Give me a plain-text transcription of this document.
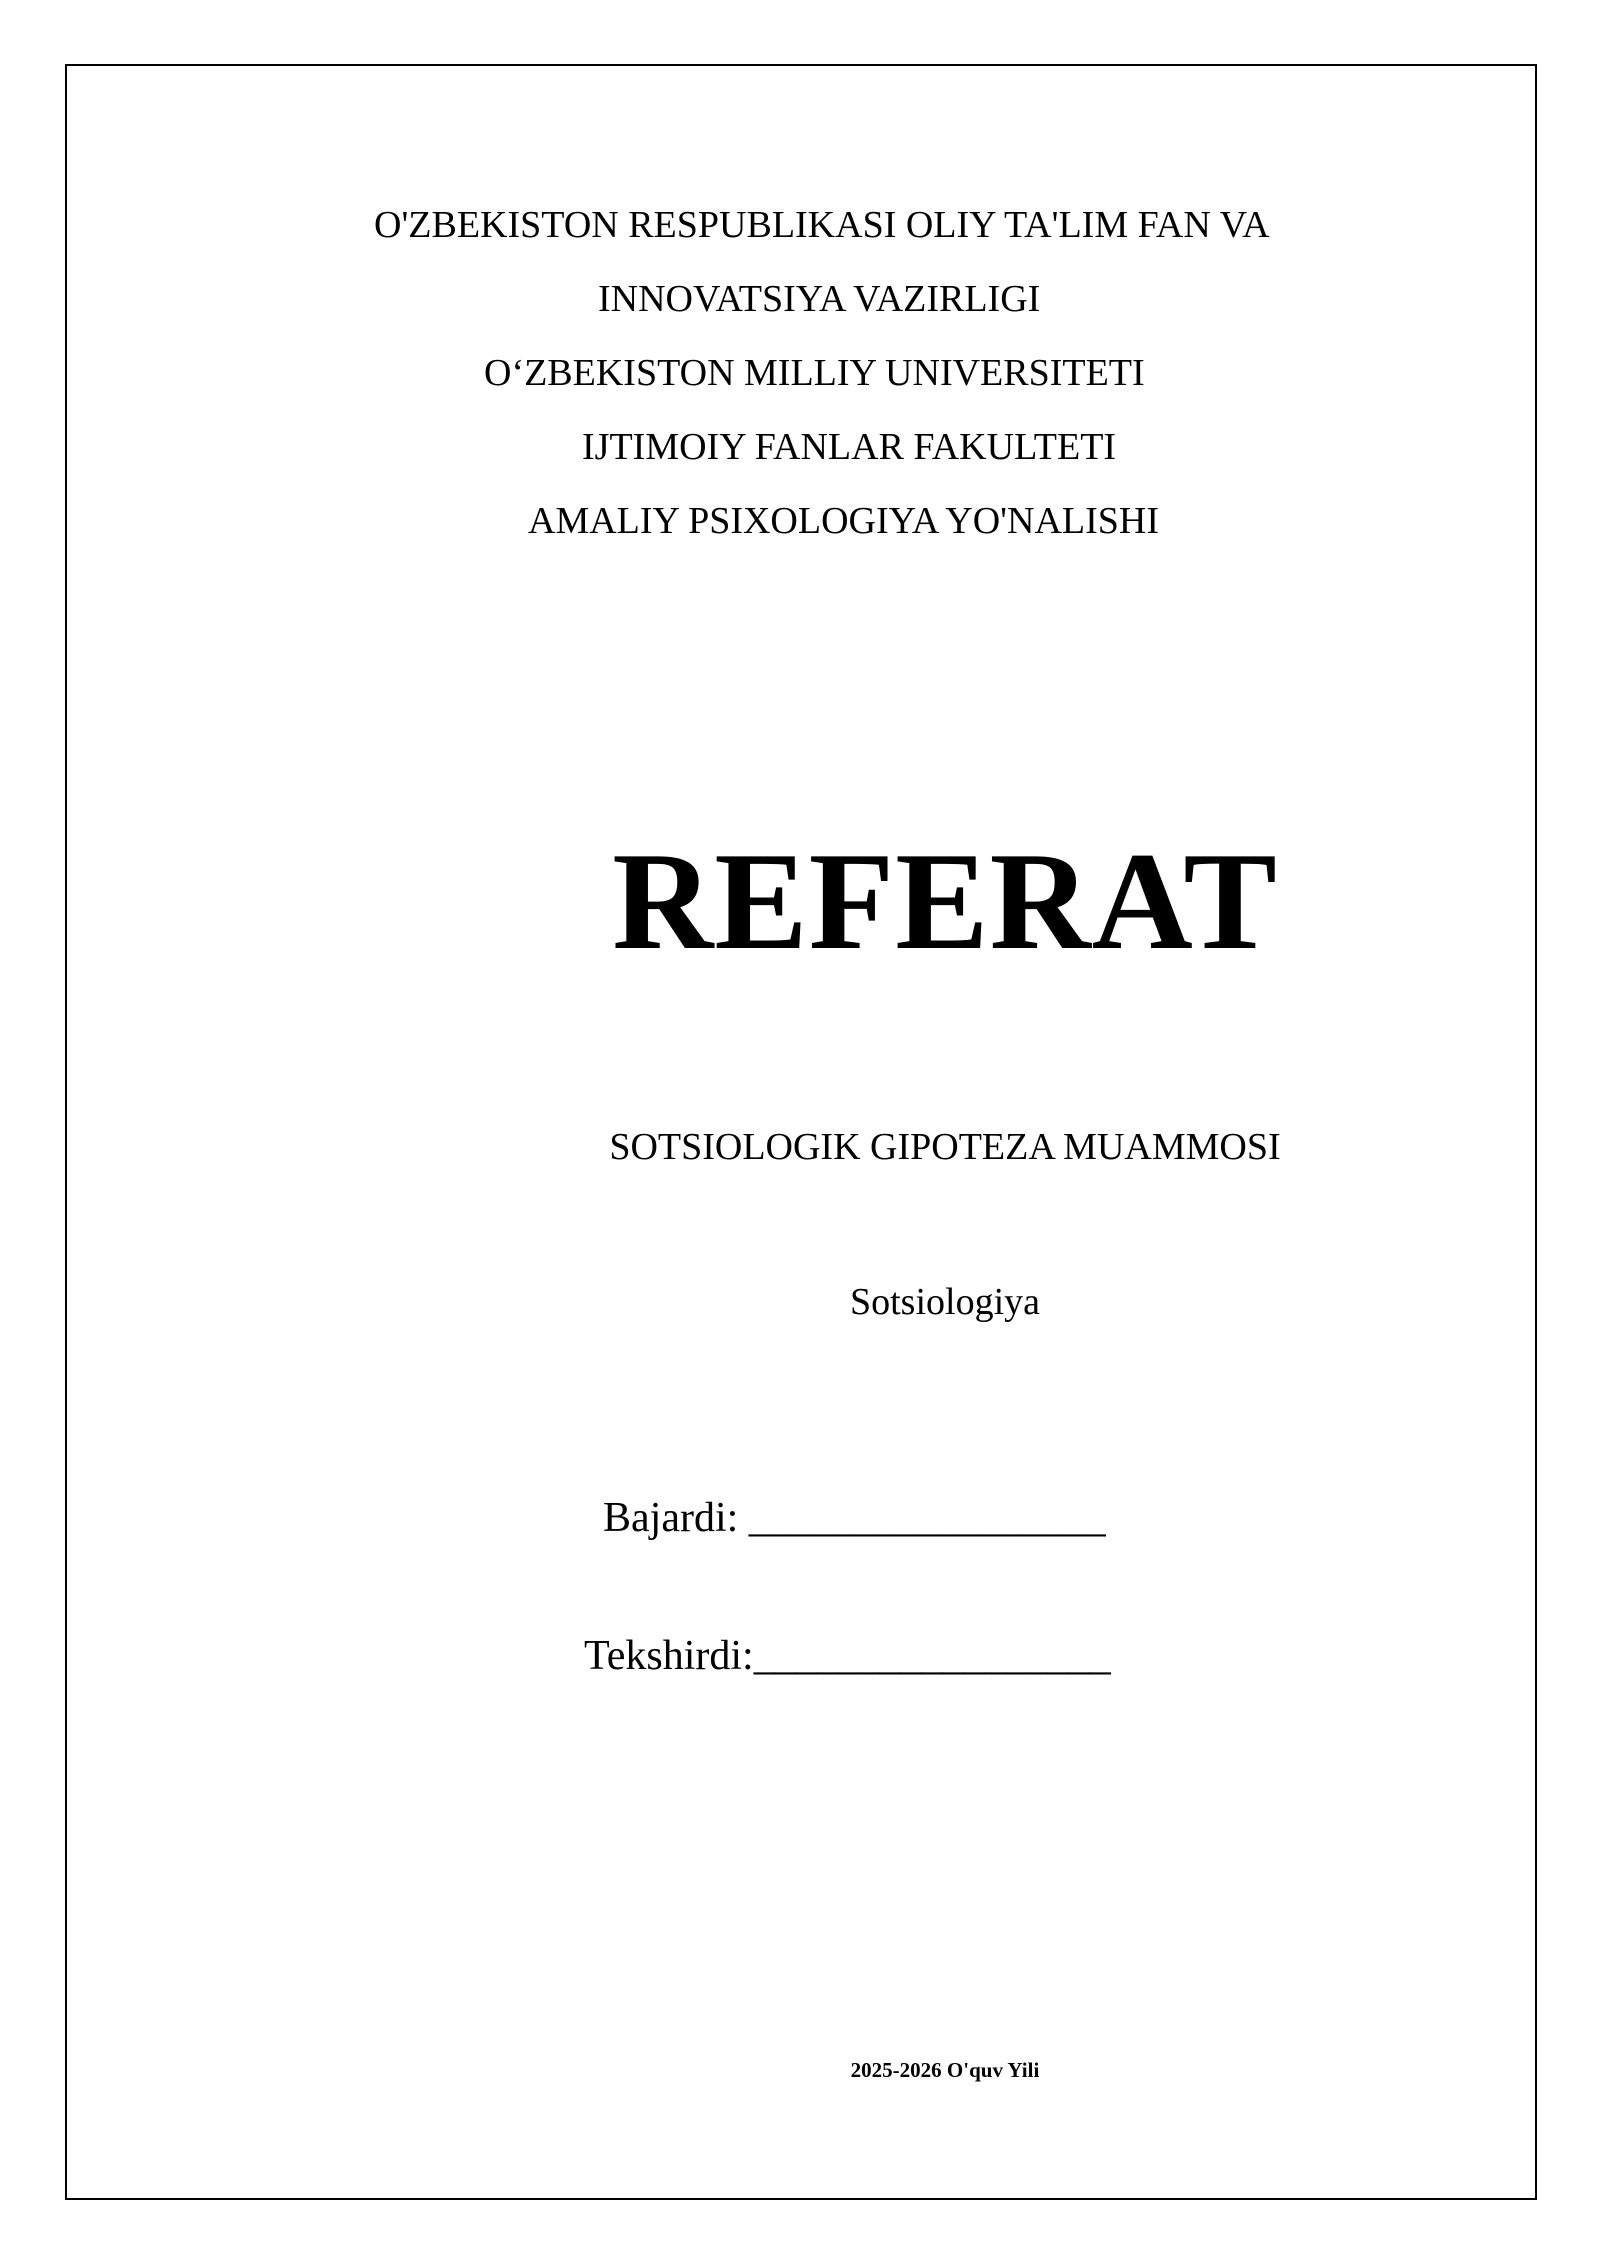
O'ZBEKISTON RESPUBLIKASI OLIY TA'LIM FAN VA
INNOVATSIYA VAZIRLIGI
O‘ZBEKISTON MILLIY UNIVERSITETI
IJTIMOIY FANLAR FAKULTETI
AMALIY PSIXOLOGIYA YO'NALISHI
REFERAT
SOTSIOLOGIK GIPOTEZA MUAMMOSI
Sotsiologiya
Bajardi: _________________
Tekshirdi:_________________
2025-2026 O'quv Yili
